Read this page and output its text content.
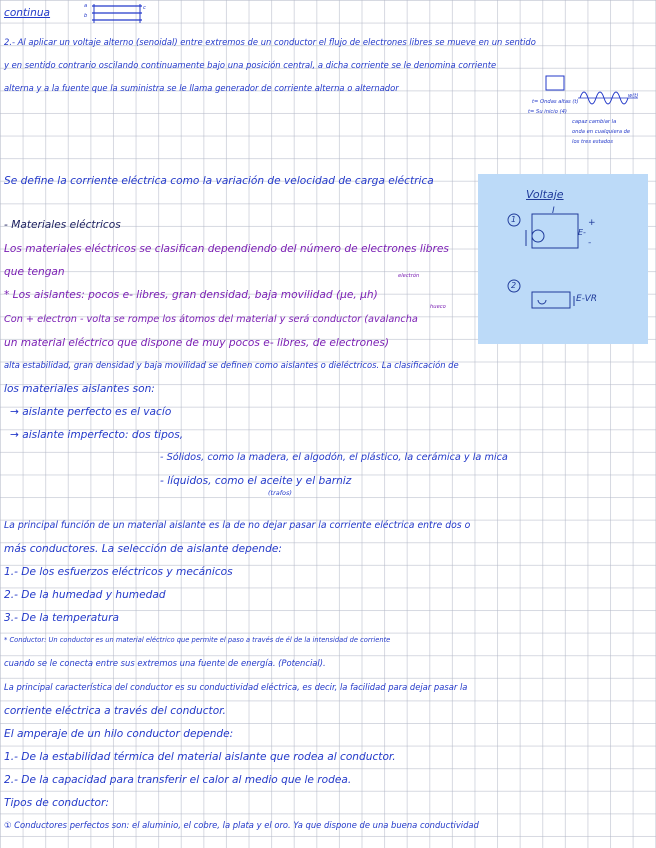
continua
a
b
c
2.- Al aplicar un voltaje alterno (senoidal) entre extremos de un conductor el flujo de electrones libres se mueve en un sentido
y en sentido contrario oscilando continuamente bajo una posición central, a dicha corriente se le denomina corriente
alterna y a la fuente que la suministra se le llama generador de corriente alterna o alternador
w(t)
t= Ondas altas (t)
t= Su inicio (4)
capaz cambiar la
onda en cualquiera de
los tres estados
Se define la corriente eléctrica como la variación de velocidad de carga eléctrica
Voltaje
1
2
I
+
-
E-
E-VR
- Materiales eléctricos
Los materiales eléctricos se clasifican dependiendo del número de electrones libres
que tengan	electrón
* Los aislantes: pocos e- libres, gran densidad, baja movilidad (μe, μh)
hueco
Con + electron - volta se rompe los átomos del material y será conductor (avalancha
un material eléctrico que dispone de muy pocos e- libres, de electrones)
alta estabilidad, gran densidad y baja movilidad se definen como aislantes o dieléctricos. La clasificación de
los materiales aislantes son:
→ aislante perfecto es el vacío
→ aislante imperfecto: dos tipos,
- Sólidos, como la madera, el algodón, el plástico, la cerámica y la mica
- líquidos, como el aceite y el barniz
(trafos)
La principal función de un material aislante es la de no dejar pasar la corriente eléctrica entre dos o
más conductores. La selección de aislante depende:
1.- De los esfuerzos eléctricos y mecánicos
2.- De la humedad y humedad
3.- De la temperatura
* Conductor: Un conductor es un material eléctrico que permite el paso a través de él de la intensidad de corriente
cuando se le conecta entre sus extremos una fuente de energía. (Potencial).
La principal característica del conductor es su conductividad eléctrica, es decir, la facilidad para dejar pasar la
corriente eléctrica a través del conductor.
El amperaje de un hilo conductor depende:
1.- De la estabilidad térmica del material aislante que rodea al conductor.
2.- De la capacidad para transferir el calor al medio que le rodea.
Tipos de conductor:
① Conductores perfectos son: el aluminio, el cobre, la plata y el oro. Ya que dispone de una buena conductividad
